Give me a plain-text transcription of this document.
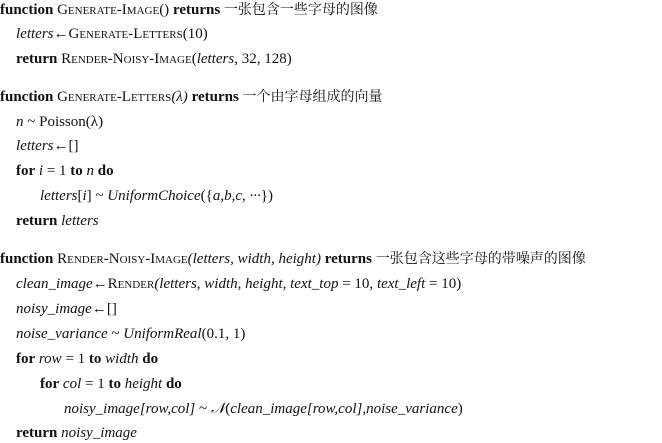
function Generate-Image() returns 一张包含一些字母的图像
letters←Generate-Letters(10)
return Render-Noisy-Image(letters, 32, 128)
function Generate-Letters(λ) returns 一个由字母组成的向量
n ~ Poisson(λ)
letters←[]
for i = 1 to n do
letters[i] ~ UniformChoice({a,b,c, ···})
return letters
function Render-Noisy-Image(letters, width, height) returns 一张包含这些字母的带噪声的图像
clean_image←Render(letters, width, height, text_top = 10, text_left = 10)
noisy_image←[]
noise_variance ~ UniformReal(0.1, 1)
for row = 1 to width do
for col = 1 to height do
noisy_image[row,col] ~ 𝒩(clean_image[row,col],noise_variance)
return noisy_image
